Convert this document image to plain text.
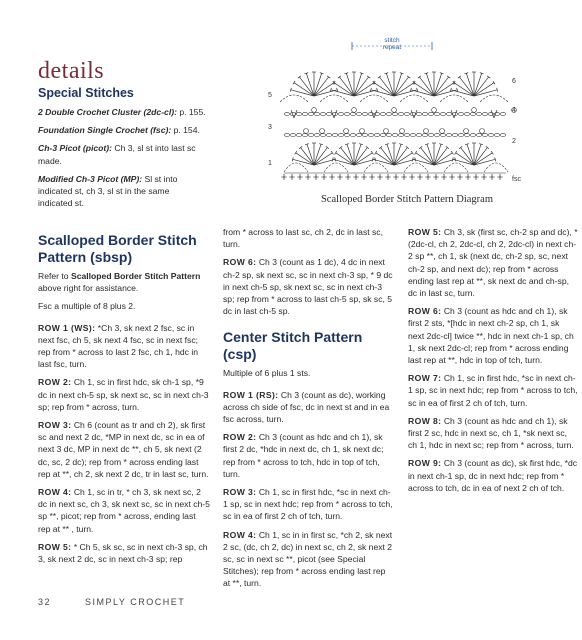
details
Special Stitches

2 Double Crochet Cluster (2dc-cl): p. 155.

Foundation Single Crochet (fsc): p. 154.

Ch-3 Picot (picot): Ch 3, sl st into last sc made.

Modified Ch-3 Picot (MP): Sl st into indicated st, ch 3, sl st in the same indicated st.

stitch
repeat
5
3
1
6
4
2
fsc
Scalloped Border Stitch Pattern Diagram
Scalloped Border Stitch
Pattern (sbsp)

Refer to Scalloped Border Stitch Pattern above right for assistance.

Fsc a multiple of 8 plus 2.

ROW 1 (WS): *Ch 3, sk next 2 fsc, sc in next fsc, ch 5, sk next 4 fsc, sc in next fsc; rep from * across to last 2 fsc, ch 1, hdc in last fsc, turn.

ROW 2: Ch 1, sc in first hdc, sk ch-1 sp, *9 dc in next ch-5 sp, sk next sc, sc in next ch-3 sp; rep from * across, turn.

ROW 3: Ch 6 (count as tr and ch 2), sk first sc and next 2 dc, *MP in next dc, sc in ea of next 3 dc, MP in next dc **, ch 5, sk next (2 dc, sc, 2 dc); rep from * across ending last rep at **, ch 2, sk next 2 dc, tr in last sc, turn.

ROW 4: Ch 1, sc in tr, * ch 3, sk next sc, 2 dc in next sc, ch 3, sk next sc, sc in next ch-5 sp **, picot; rep from * across, ending last rep at ** , turn.

ROW 5: * Ch 5, sk sc, sc in next ch-3 sp, ch 3, sk next 2 dc, sc in next ch-3 sp; rep

from * across to last sc, ch 2, dc in last sc, turn.

ROW 6: Ch 3 (count as 1 dc), 4 dc in next ch-2 sp, sk next sc, sc in next ch-3 sp, * 9 dc in next ch-5 sp, sk next sc, sc in next ch-3 sp; rep from * across to last ch-5 sp, sk sc, 5 dc in last ch-5 sp.

Center Stitch Pattern (csp)

Multiple of 6 plus 1 sts.

ROW 1 (RS): Ch 3 (count as dc), working across ch side of fsc, dc in next st and in ea fsc across, turn.

ROW 2: Ch 3 (count as hdc and ch 1), sk first 2 dc, *hdc in next dc, ch 1, sk next dc; rep from * across to tch, hdc in top of tch, turn.

ROW 3: Ch 1, sc in first hdc, *sc in next ch-1 sp, sc in next hdc; rep from * across to tch, sc in ea of first 2 ch of tch, turn.

ROW 4: Ch 1, sc in in first sc, *ch 2, sk next 2 sc, (dc, ch 2, dc) in next sc, ch 2, sk next 2 sc, sc in next sc **, picot (see Special Stitches); rep from * across ending last rep at **, turn.

ROW 5: Ch 3, sk (first sc, ch-2 sp and dc), * (2dc-cl, ch 2, 2dc-cl, ch 2, 2dc-cl) in next ch-2 sp **, ch 1, sk (next dc, ch-2 sp, sc, next ch-2 sp, and next dc); rep from * across ending last rep at **, sk next dc and ch-sp, dc in last sc, turn.

ROW 6: Ch 3 (count as hdc and ch 1), sk first 2 sts, *[hdc in next ch-2 sp, ch 1, sk next 2dc-cl] twice **, hdc in next ch-1 sp, ch 1, sk next 2dc-cl; rep from * across ending last rep at **, hdc in top of tch, turn.

ROW 7: Ch 1, sc in first hdc, *sc in next ch-1 sp, sc in next hdc; rep from * across to tch, sc in ea of first 2 ch of tch, turn.

ROW 8: Ch 3 (count as hdc and ch 1), sk first 2 sc, hdc in next sc, ch 1, *sk next sc, ch 1, hdc in next sc; rep from * across, turn.

ROW 9: Ch 3 (count as dc), sk first hdc, *dc in next ch-1 sp, dc in next hdc; rep from * across to tch, dc in ea of next 2 ch of tch.

32	SIMPLY CROCHET
